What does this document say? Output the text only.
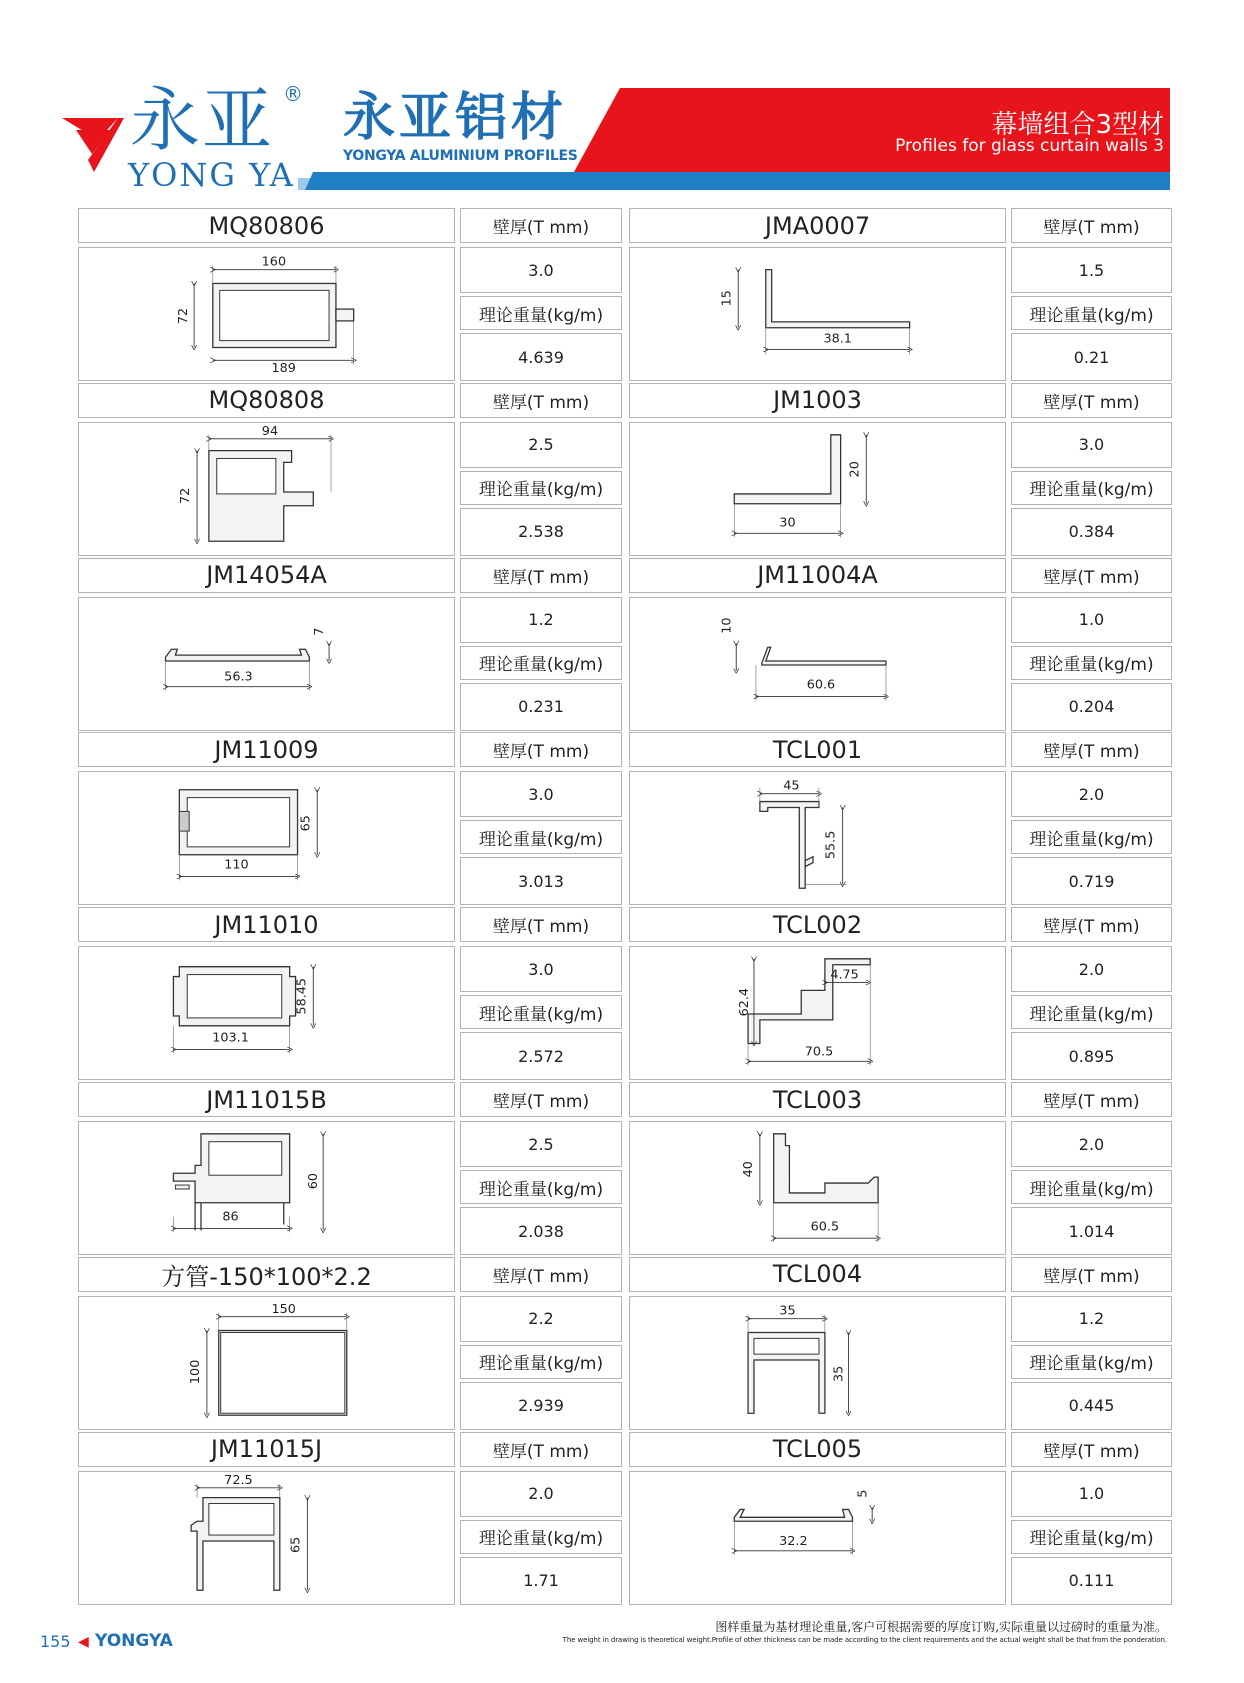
永亚 ®
YONG YA
永亚铝材
YONGYA ALUMINIUM PROFILES
幕墙组合3型材
Profiles for glass curtain walls 3
MQ80806	壁厚(T mm)
160
72
189
3.0
理论重量(kg/m)
4.639
JMA0007	壁厚(T mm)
15
38.1
1.5
理论重量(kg/m)
0.21
MQ80808	壁厚(T mm)
94
72
2.5
理论重量(kg/m)
2.538
JM1003	壁厚(T mm)
20
30
3.0
理论重量(kg/m)
0.384
JM14054A	壁厚(T mm)
7
56.3
1.2
理论重量(kg/m)
0.231
JM11004A	壁厚(T mm)
10
60.6
1.0
理论重量(kg/m)
0.204
JM11009	壁厚(T mm)
65
110
3.0
理论重量(kg/m)
3.013
TCL001	壁厚(T mm)
45
55.5
2.0
理论重量(kg/m)
0.719
JM11010	壁厚(T mm)
58.45
103.1
3.0
理论重量(kg/m)
2.572
TCL002	壁厚(T mm)
62.4
4.75
70.5
2.0
理论重量(kg/m)
0.895
JM11015B	壁厚(T mm)
60
86
2.5
理论重量(kg/m)
2.038
TCL003	壁厚(T mm)
40
60.5
2.0
理论重量(kg/m)
1.014
方管-150*100*2.2	壁厚(T mm)
150
100
2.2
理论重量(kg/m)
2.939
TCL004	壁厚(T mm)
35
35
1.2
理论重量(kg/m)
0.445
JM11015J	壁厚(T mm)
72.5
65
2.0
理论重量(kg/m)
1.71
TCL005	壁厚(T mm)
5
32.2
1.0
理论重量(kg/m)
0.111
155 ◀ YONGYA
图样重量为基材理论重量,客户可根据需要的厚度订购,实际重量以过磅时的重量为准。
The weight in drawing is theoretical weight.Profile of other thickness can be made according to the client requirements and the actual weight shall be that from the ponderation.
